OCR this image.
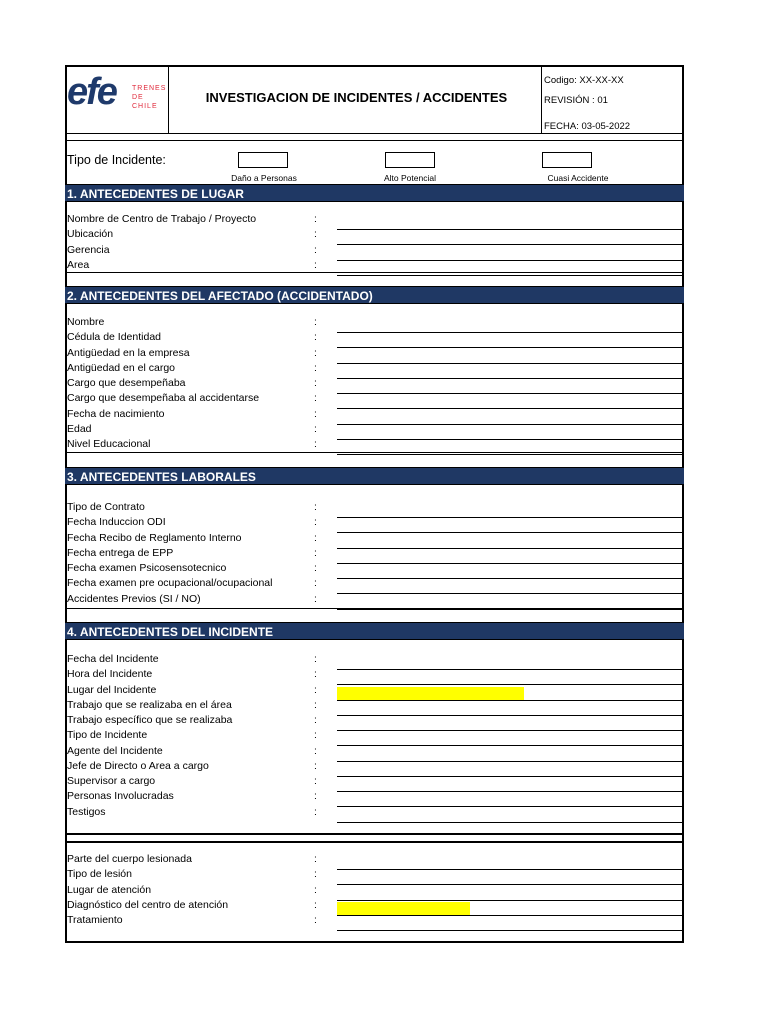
efe TRENES
DE
CHILE
INVESTIGACION DE INCIDENTES / ACCIDENTES
Codigo: XX-XX-XX
REVISIÓN : 01
FECHA: 03-05-2022
Tipo de Incidente:
Daño a Personas	Alto Potencial	Cuasi Accidente
1. ANTECEDENTES DE LUGAR
Nombre de Centro de Trabajo / Proyecto	:
Ubicación	:
Gerencia	:
Area	:
2. ANTECEDENTES DEL AFECTADO (ACCIDENTADO)
Nombre	:
Cédula de Identidad	:
Antigüedad en la empresa	:
Antigüedad en el cargo	:
Cargo que desempeñaba	:
Cargo que desempeñaba al accidentarse	:
Fecha de nacimiento	:
Edad	:
Nivel Educacional	:
3. ANTECEDENTES LABORALES
Tipo de Contrato	:
Fecha Induccion ODI	:
Fecha Recibo de Reglamento Interno	:
Fecha entrega de EPP	:
Fecha examen Psicosensotecnico	:
Fecha examen pre ocupacional/ocupacional	:
Accidentes Previos (SI / NO)	:
4. ANTECEDENTES DEL INCIDENTE
Fecha del Incidente	:
Hora del Incidente	:
Lugar del Incidente	:
Trabajo que se realizaba en el área	:
Trabajo específico que se realizaba	:
Tipo de Incidente	:
Agente del Incidente	:
Jefe de Directo o Area a cargo	:
Supervisor a cargo	:
Personas Involucradas	:
Testigos	:
Parte del cuerpo lesionada	:
Tipo de lesión	:
Lugar de atención	:
Diagnóstico del centro de atención	:
Tratamiento	:
